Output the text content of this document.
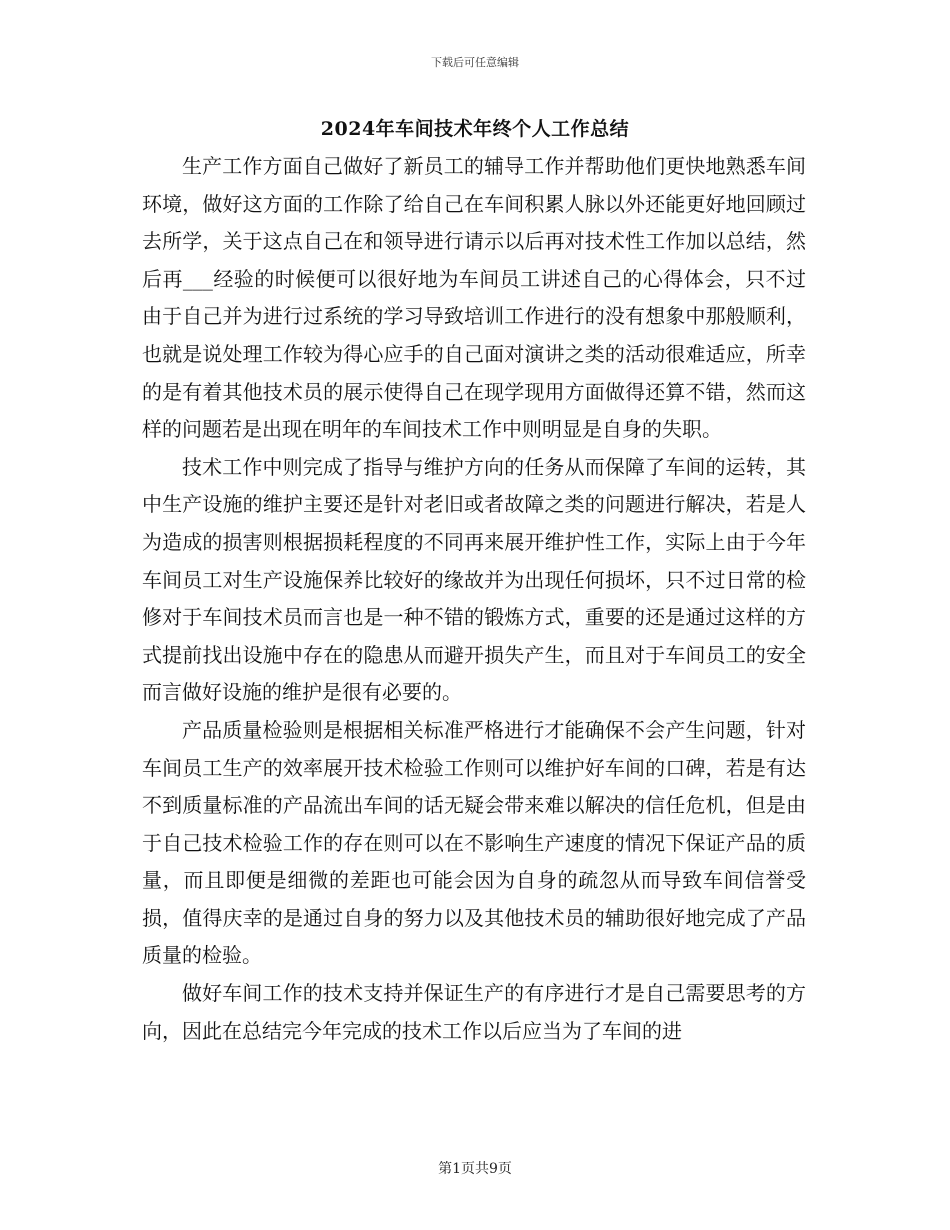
下载后可任意编辑
2024年车间技术年终个人工作总结

生产工作方面自己做好了新员工的辅导工作并帮助他们更快地熟悉车间环境，做好这方面的工作除了给自己在车间积累人脉以外还能更好地回顾过去所学，关于这点自己在和领导进行请示以后再对技术性工作加以总结，然后再___经验的时候便可以很好地为车间员工讲述自己的心得体会，只不过由于自己并为进行过系统的学习导致培训工作进行的没有想象中那般顺利，也就是说处理工作较为得心应手的自己面对演讲之类的活动很难适应，所幸的是有着其他技术员的展示使得自己在现学现用方面做得还算不错，然而这样的问题若是出现在明年的车间技术工作中则明显是自身的失职。

技术工作中则完成了指导与维护方向的任务从而保障了车间的运转，其中生产设施的维护主要还是针对老旧或者故障之类的问题进行解决，若是人为造成的损害则根据损耗程度的不同再来展开维护性工作，实际上由于今年车间员工对生产设施保养比较好的缘故并为出现任何损坏，只不过日常的检修对于车间技术员而言也是一种不错的锻炼方式，重要的还是通过这样的方式提前找出设施中存在的隐患从而避开损失产生，而且对于车间员工的安全而言做好设施的维护是很有必要的。

产品质量检验则是根据相关标准严格进行才能确保不会产生问题，针对车间员工生产的效率展开技术检验工作则可以维护好车间的口碑，若是有达不到质量标准的产品流出车间的话无疑会带来难以解决的信任危机，但是由于自己技术检验工作的存在则可以在不影响生产速度的情况下保证产品的质量，而且即便是细微的差距也可能会因为自身的疏忽从而导致车间信誉受损，值得庆幸的是通过自身的努力以及其他技术员的辅助很好地完成了产品质量的检验。

做好车间工作的技术支持并保证生产的有序进行才是自己需要思考的方向，因此在总结完今年完成的技术工作以后应当为了车间的进

第1页共9页
